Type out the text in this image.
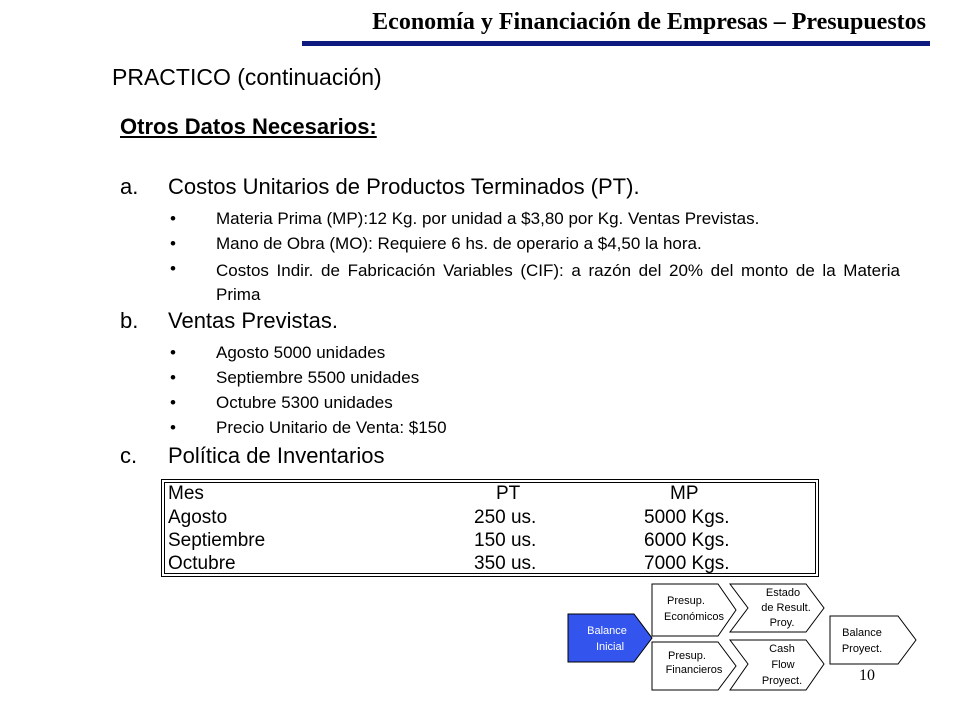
Economía y Financiación de Empresas – Presupuestos
PRACTICO (continuación)
Otros Datos Necesarios:
a. Costos Unitarios de Productos Terminados (PT).
• Materia Prima (MP):12 Kg. por unidad a $3,80 por Kg. Ventas Previstas.
• Mano de Obra (MO): Requiere 6 hs. de operario a $4,50 la hora.
• Costos Indir. de Fabricación Variables (CIF): a razón del 20% del monto de la Materia Prima
b. Ventas Previstas.
• Agosto 5000 unidades
• Septiembre 5500 unidades
• Octubre 5300 unidades
• Precio Unitario de Venta: $150
c. Política de Inventarios
Mes	PT	MP
Agosto	250 us.	5000 Kgs.
Septiembre	150 us.	6000 Kgs.
Octubre	350 us.	7000 Kgs.
Balance
Inicial
Presup.
Económicos
Presup.
Financieros
Estado
de Result.
Proy.
Cash
Flow
Proyect.
Balance
Proyect.
10
